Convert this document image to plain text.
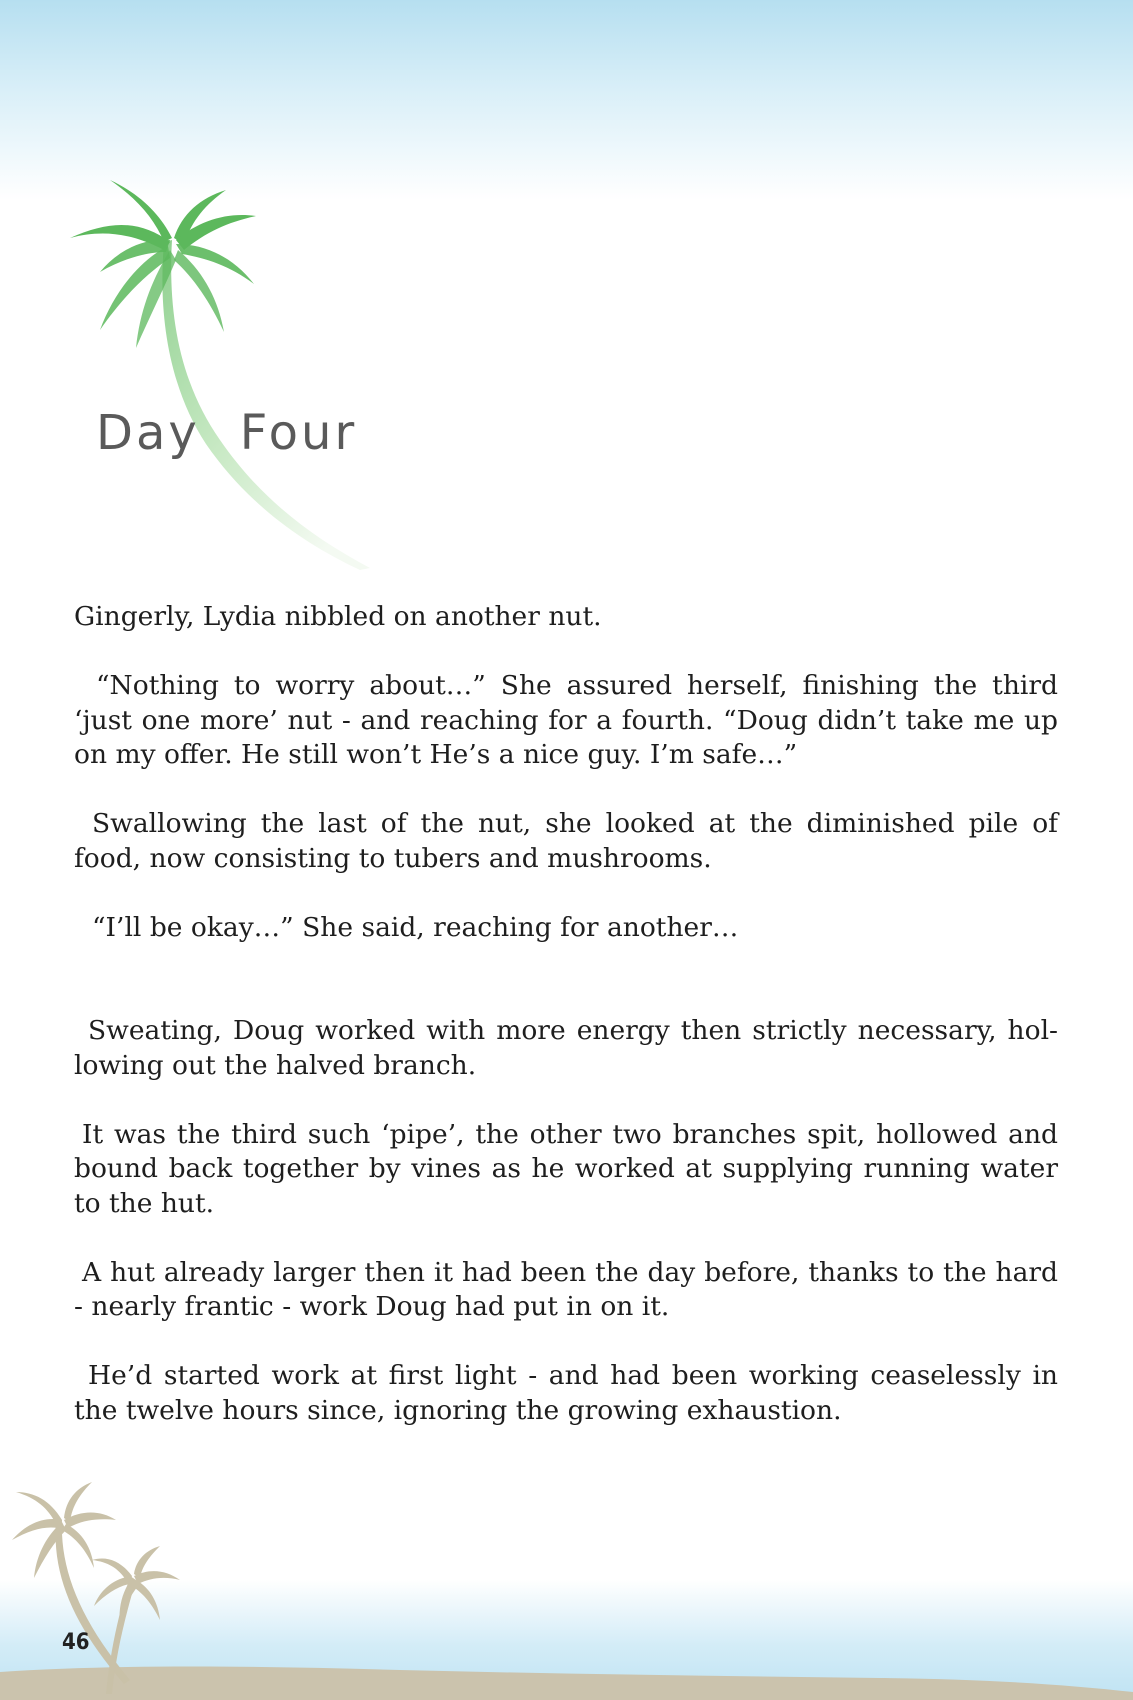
Day Four

Gingerly, Lydia nibbled on another nut.

“Nothing to worry about…” She assured herself, finishing the third ‘just one more’ nut - and reaching for a fourth. “Doug didn’t take me up on my offer. He still won’t He’s a nice guy. I’m safe…”

Swallowing the last of the nut, she looked at the diminished pile of food, now consisting to tubers and mushrooms.

“I’ll be okay…” She said, reaching for another…

Sweating, Doug worked with more energy then strictly necessary, hol-lowing out the halved branch.

It was the third such ‘pipe’, the other two branches spit, hollowed and bound back together by vines as he worked at supplying running water to the hut.

A hut already larger then it had been the day before, thanks to the hard - nearly frantic - work Doug had put in on it.

He’d started work at first light - and had been working ceaselessly in the twelve hours since, ignoring the growing exhaustion.

46
